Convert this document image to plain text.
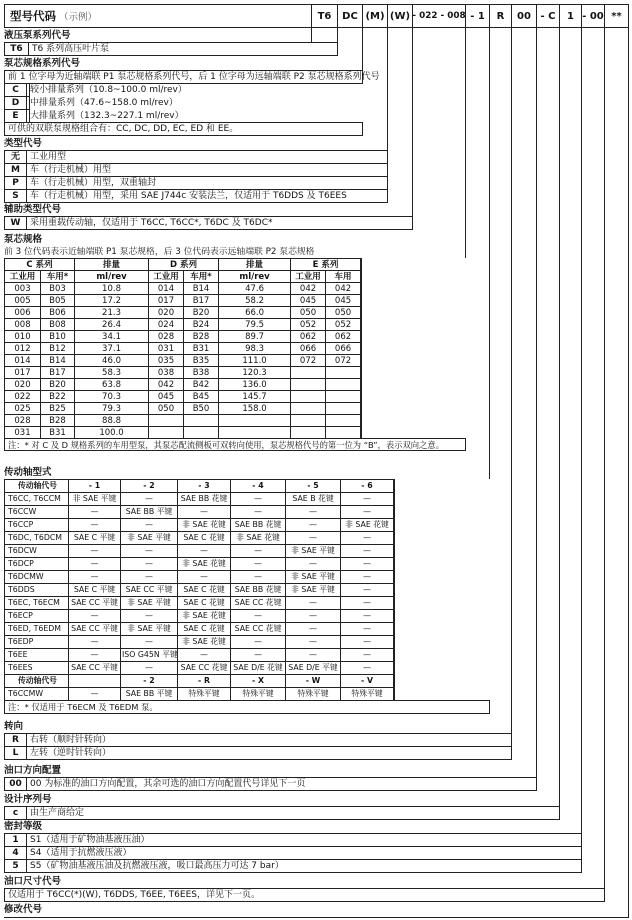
型号代码 （示例）	T6	DC (M) (W) - 022 - 008 - 1	R	00 - C	1 - 00 **
液压泵系列代号
T6	T6 系列高压叶片泵
泵芯规格系列代号
前 1 位字母为近轴端联 P1 泵芯规格系列代号，后 1 位字母为远轴端联 P2 泵芯规格系列代号	
C	较小排量系列（10.8~100.0 ml/rev）
D	中排量系列（47.6~158.0 ml/rev）
E	大排量系列（132.3~227.1 ml/rev）
可供的双联泵规格组合有：CC, DC, DD, EC, ED 和 EE。	
类型代号
无	工业用型
M	车（行走机械）用型
P	车（行走机械）用型，双重轴封
S	车（行走机械）用型，采用 SAE J744c 安装法兰，仅适用于 T6DDS 及 T6EES
辅助类型代号
W	采用重载传动轴，仅适用于 T6CC, T6CC*, T6DC 及 T6DC*
泵芯规格
前 3 位代码表示近轴端联 P1 泵芯规格，后 3 位代码表示远轴端联 P2 泵芯规格
C 系列		排量	D 系列		排量	E 系列	
工业用	车用*	ml/rev	工业用	车用*	ml/rev	工业用	车用	
003	B03	10.8	014	B14	47.6	042	042	
005	B05	17.2	017	B17	58.2	045	045	
006	B06	21.3	020	B20	66.0	050	050	
008	B08	26.4	024	B24	79.5	052	052	
010	B10	34.1	028	B28	89.7	062	062	
012	B12	37.1	031	B31	98.3	066	066	
014	B14	46.0	035	B35	111.0	072	072	
017	B17	58.3	038	B38	120.3			
020	B20	63.8	042	B42	136.0			
022	B22	70.3	045	B45	145.7			
025	B25	79.3	050	B50	158.0			
028	B28	88.8						
031	B31	100.0						
注：* 对 C 及 D 规格系列的车用型泵，其泵芯配流侧板可双转向使用，泵芯规格代号的第一位为 “B”，表示双向之意。								
传动轴型式
传动轴代号	- 1	- 2	- 3	- 4	- 5	- 6	
T6CC, T6CCM	非 SAE 平键	—	SAE BB 花键	—	SAE B 花键	—	
T6CCW	—	SAE BB 平键	—	—	—	—	
T6CCP	—	—	非 SAE 花键	SAE BB 花键	—	非 SAE 花键	
T6DC, T6DCM	SAE C 平键	非 SAE 平键	SAE C 花键	非 SAE 花键	—	—	
T6DCW	—	—	—	—	非 SAE 平键	—	
T6DCP	—	—	非 SAE 花键	—	—	—	
T6DCMW	—	—	—	—	非 SAE 平键	—	
T6DDS	SAE C 平键	SAE CC 平键	SAE C 花键	SAE BB 花键	非 SAE 平键	—	
T6EC, T6ECM	SAE CC 平键	非 SAE 平键	SAE C 花键	SAE CC 花键	—	—	
T6ECP	—	—	非 SAE 花键	—	—	—	
T6ED, T6EDM	SAE CC 平键	非 SAE 平键	SAE C 花键	SAE CC 花键	—	—	
T6EDP	—	—	非 SAE 花键	—	—	—	
T6EE	—	ISO G45N 平键	—	—	—	—	
T6EES	SAE CC 平键	—	SAE CC 花键	SAE D/E 花键	SAE D/E 平键	—	
传动轴代号		- 2	- R	- X	- W	- V	
T6CCMW	—	SAE BB 平键	特殊平键	特殊平键	特殊平键	特殊平键	
注：* 仅适用于 T6ECM 及 T6EDM 泵。							
转向
R	右转（顺时针转向）
L	左转（逆时针转向）
油口方向配置
00	00 为标准的油口方向配置，其余可选的油口方向配置代号详见下一页
设计序列号
c	由生产商给定
密封等级
1	S1（适用于矿物油基液压油）
4	S4（适用于抗燃液压液）
5	S5（矿物油基液压油及抗燃液压液，吸口最高压力可达 7 bar）
油口尺寸代号
仅适用于 T6CC(*)(W), T6DDS, T6EE, T6EES，详见下一页。
修改代号
